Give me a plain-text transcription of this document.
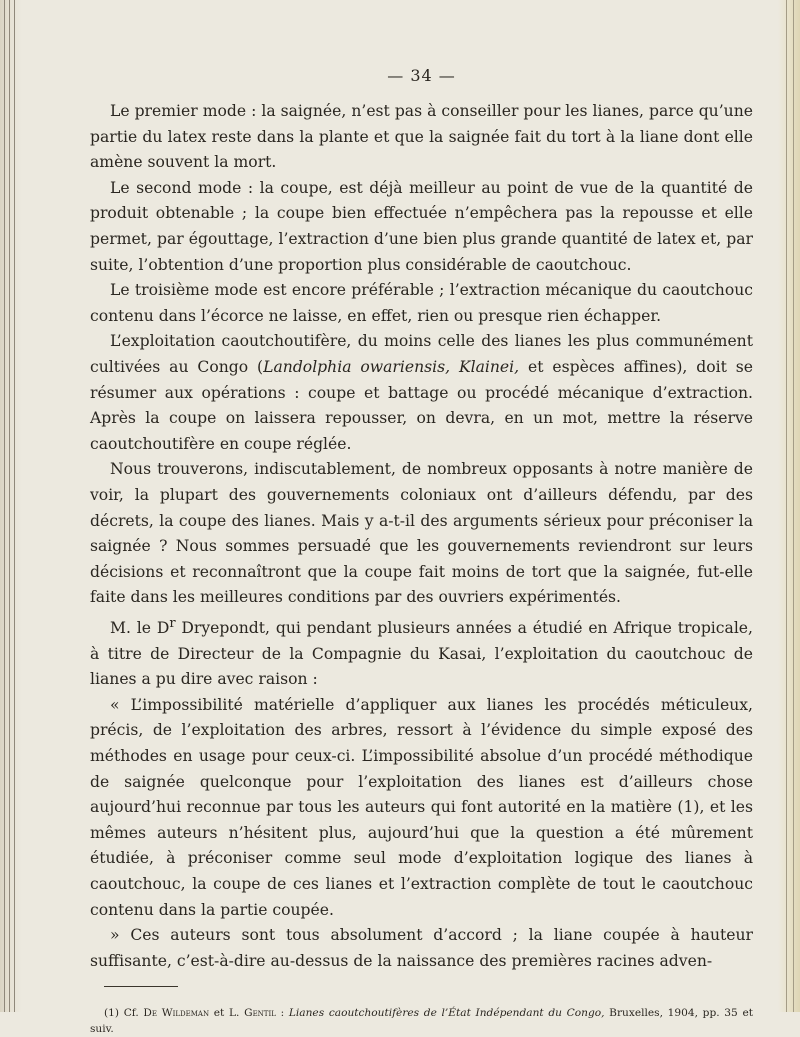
— 34 —

Le premier mode : la saignée, n’est pas à conseiller pour les lianes, parce qu’une partie du latex reste dans la plante et que la saignée fait du tort à la liane dont elle amène souvent la mort.

Le second mode : la coupe, est déjà meilleur au point de vue de la quantité de produit obtenable ; la coupe bien effectuée n’empêchera pas la repousse et elle permet, par égouttage, l’extraction d’une bien plus grande quantité de latex et, par suite, l’obtention d’une proportion plus considérable de caoutchouc.

Le troisième mode est encore préférable ; l’extraction mécanique du caoutchouc contenu dans l’écorce ne laisse, en effet, rien ou presque rien échapper.

L’exploitation caoutchoutifère, du moins celle des lianes les plus communément cultivées au Congo (Landolphia owariensis, Klainei, et espèces affines), doit se résumer aux opérations : coupe et battage ou procédé mécanique d’extraction. Après la coupe on laissera repousser, on devra, en un mot, mettre la réserve caoutchoutifère en coupe réglée.

Nous trouverons, indiscutablement, de nombreux opposants à notre manière de voir, la plupart des gouvernements coloniaux ont d’ailleurs défendu, par des décrets, la coupe des lianes. Mais y a-t-il des arguments sérieux pour préconiser la saignée ? Nous sommes persuadé que les gouvernements reviendront sur leurs décisions et reconnaîtront que la coupe fait moins de tort que la saignée, fut-elle faite dans les meilleures conditions par des ouvriers expérimentés.

M. le $D^r$ Dryepondt, qui pendant plusieurs années a étudié en Afrique tropicale, à titre de Directeur de la Compagnie du Kasai, l’exploitation du caoutchouc de lianes a pu dire avec raison :

« L’impossibilité matérielle d’appliquer aux lianes les procédés méticuleux, précis, de l’exploitation des arbres, ressort à l’évidence du simple exposé des méthodes en usage pour ceux-ci. L’impossibilité absolue d’un procédé méthodique de saignée quelconque pour l’exploitation des lianes est d’ailleurs chose aujourd’hui reconnue par tous les auteurs qui font autorité en la matière (1), et les mêmes auteurs n’hésitent plus, aujourd’hui que la question a été mûrement étudiée, à préconiser comme seul mode d’exploitation logique des lianes à caoutchouc, la coupe de ces lianes et l’extraction complète de tout le caoutchouc contenu dans la partie coupée.

» Ces auteurs sont tous absolument d’accord ; la liane coupée à hauteur suffisante, c’est-à-dire au-dessus de la naissance des premières racines adven-

(1) Cf. De Wildeman et L. Gentil : Lianes caoutchoutifères de l’État Indépendant du Congo, Bruxelles, 1904, pp. 35 et suiv.
